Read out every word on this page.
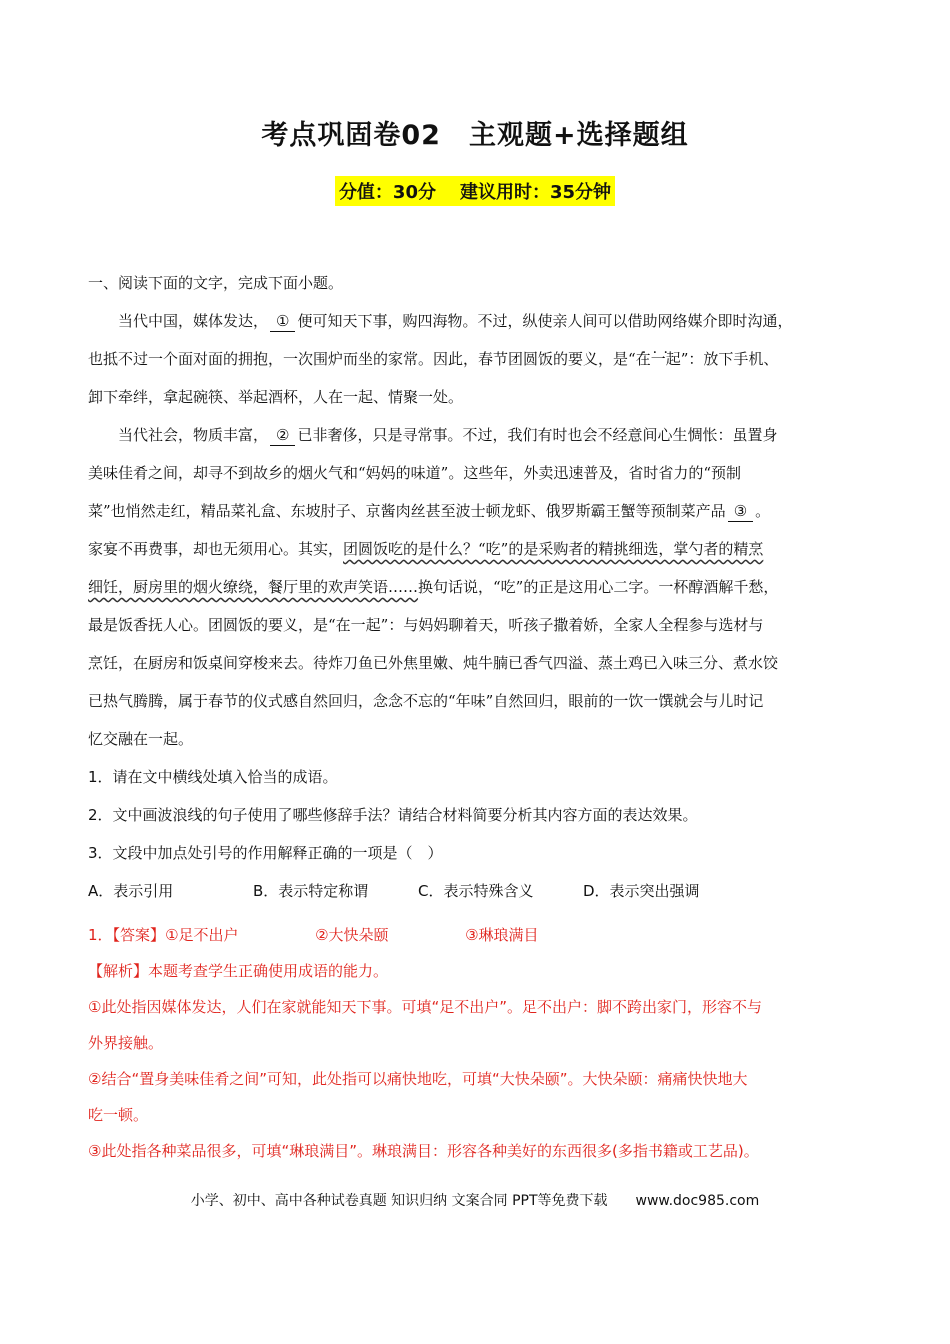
考点巩固卷02　主观题+选择题组
分值：30分 建议用时：35分钟
一、阅读下面的文字，完成下面小题。
当代中国，媒体发达， ① 便可知天下事，购四海物。不过，纵使亲人间可以借助网络媒介即时沟通，
也抵不过一个面对面的拥抱，一次围炉而坐的家常。因此，春节团圆饭的要义，是“· · · 在一起”：放下手机、
卸下牵绊，拿起碗筷、举起酒杯，人在一起、情聚一处。
当代社会，物质丰富， ② 已非奢侈，只是寻常事。不过，我们有时也会不经意间心生惆怅：虽置身
美味佳肴之间，却寻不到故乡的烟火气和“妈妈的味道”。这些年，外卖迅速普及，省时省力的“预制
菜”也悄然走红，精品菜礼盒、东坡肘子、京酱肉丝甚至波士顿龙虾、俄罗斯霸王蟹等预制菜产品 ③ 。
家宴不再费事，却也无须用心。其实，团圆饭吃的是什么？“吃”的是采购者的精挑细选，掌勺者的精烹
细饪，厨房里的烟火缭绕，餐厅里的欢声笑语……换句话说，“吃”的正是这用心二字。一杯醇酒解千愁，
最是饭香抚人心。团圆饭的要义，是“在一起”：与妈妈聊着天，听孩子撒着娇，全家人全程参与选材与
烹饪，在厨房和饭桌间穿梭来去。待炸刀鱼已外焦里嫩、炖牛腩已香气四溢、蒸土鸡已入味三分、煮水饺
已热气腾腾，属于春节的仪式感自然回归，念念不忘的“年味”自然回归，眼前的一饮一馔就会与儿时记
忆交融在一起。
1．请在文中横线处填入恰当的成语。
2．文中画波浪线的句子使用了哪些修辞手法？请结合材料简要分析其内容方面的表达效果。
3．文段中加点处引号的作用解释正确的一项是（　）
A．表示引用	B．表示特定称谓	C．表示特殊含义	D．表示突出强调
1．【答案】①足不出户	②大快朵颐	③琳琅满目
【解析】本题考查学生正确使用成语的能力。
①此处指因媒体发达，人们在家就能知天下事。可填“足不出户”。足不出户：脚不跨出家门，形容不与
外界接触。
②结合“置身美味佳肴之间”可知，此处指可以痛快地吃，可填“大快朵颐”。大快朵颐：痛痛快快地大
吃一顿。
③此处指各种菜品很多，可填“琳琅满目”。琳琅满目：形容各种美好的东西很多(多指书籍或工艺品)。
小学、初中、高中各种试卷真题 知识归纳 文案合同 PPT等免费下载　　www.doc985.com
